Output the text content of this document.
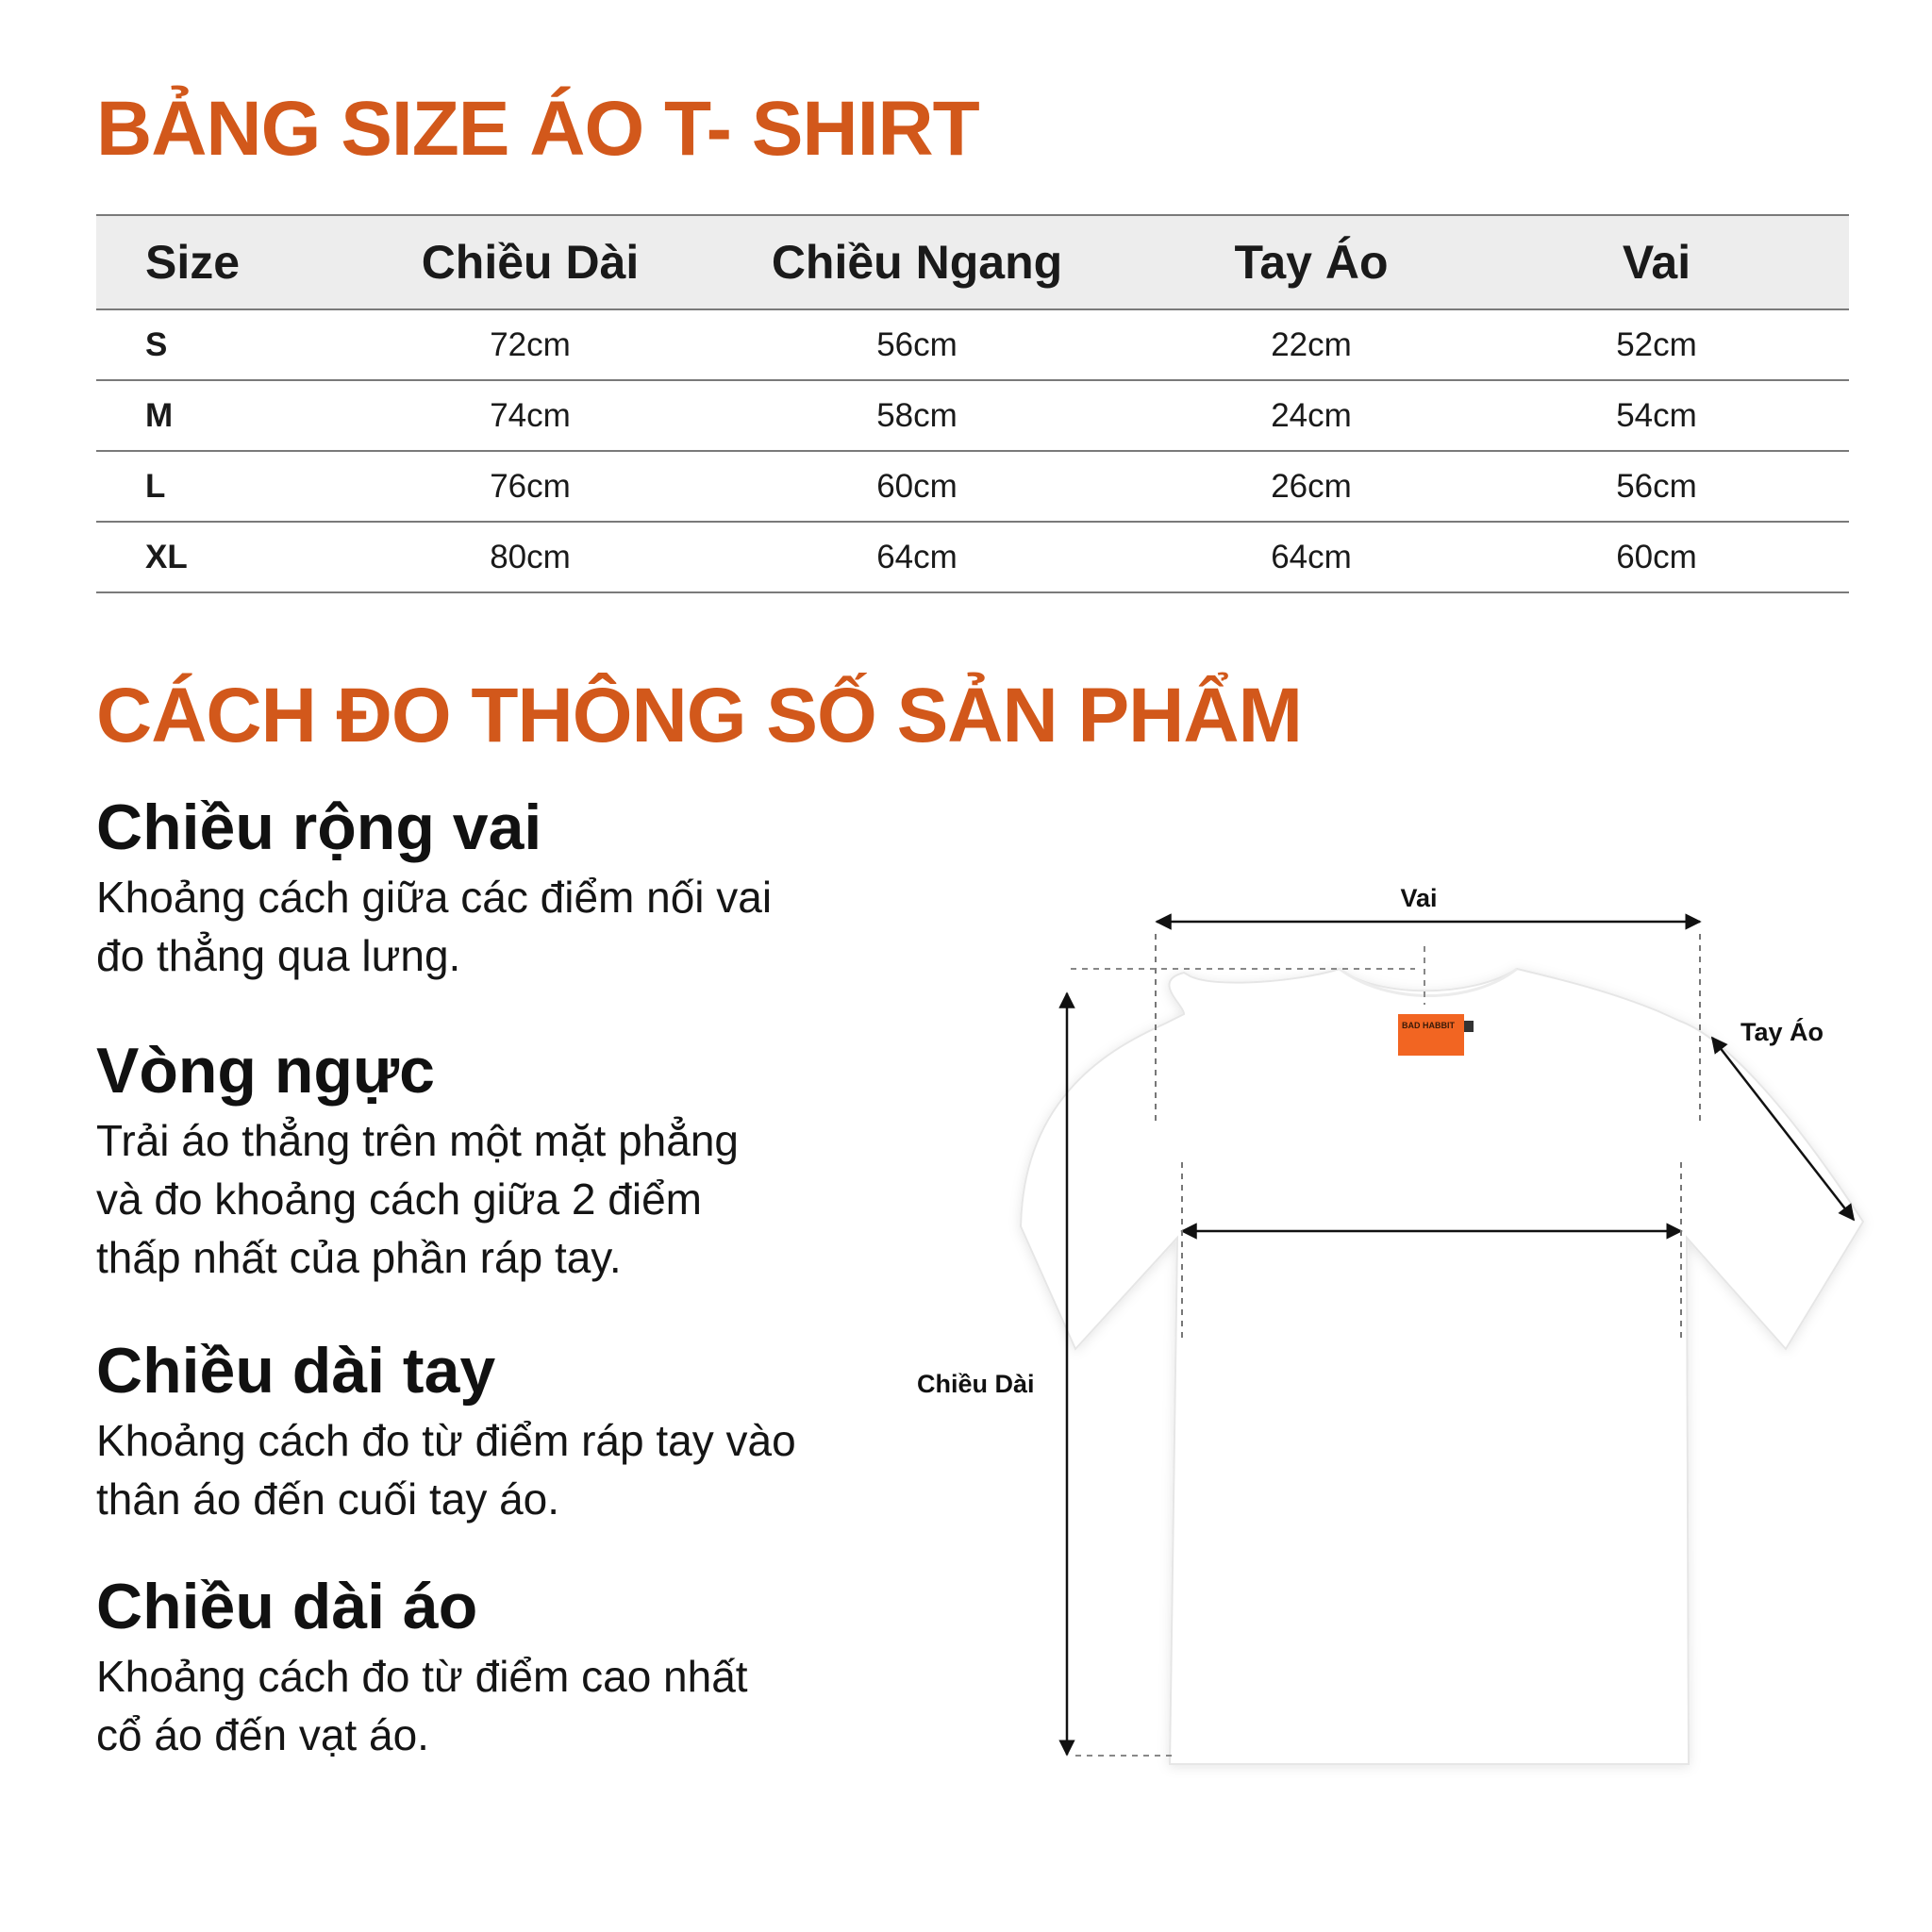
BẢNG SIZE ÁO T- SHIRT
Size	Chiều Dài	Chiều Ngang	Tay Áo	Vai
S	72cm	56cm	22cm	52cm
M	74cm	58cm	24cm	54cm
L	76cm	60cm	26cm	56cm
XL	80cm	64cm	64cm	60cm
CÁCH ĐO THÔNG SỐ SẢN PHẨM
Chiều rộng vai

Khoảng cách giữa các điểm nối vai
đo thẳng qua lưng.

Vòng ngực

Trải áo thẳng trên một mặt phẳng
và đo khoảng cách giữa 2 điểm
thấp nhất của phần ráp tay.

Chiều dài tay

Khoảng cách đo từ điểm ráp tay vào
thân áo đến cuối tay áo.

Chiều dài áo

Khoảng cách đo từ điểm cao nhất
cổ áo đến vạt áo.

BAD HABBIT
Vai
Tay Áo
Chiều Dài
